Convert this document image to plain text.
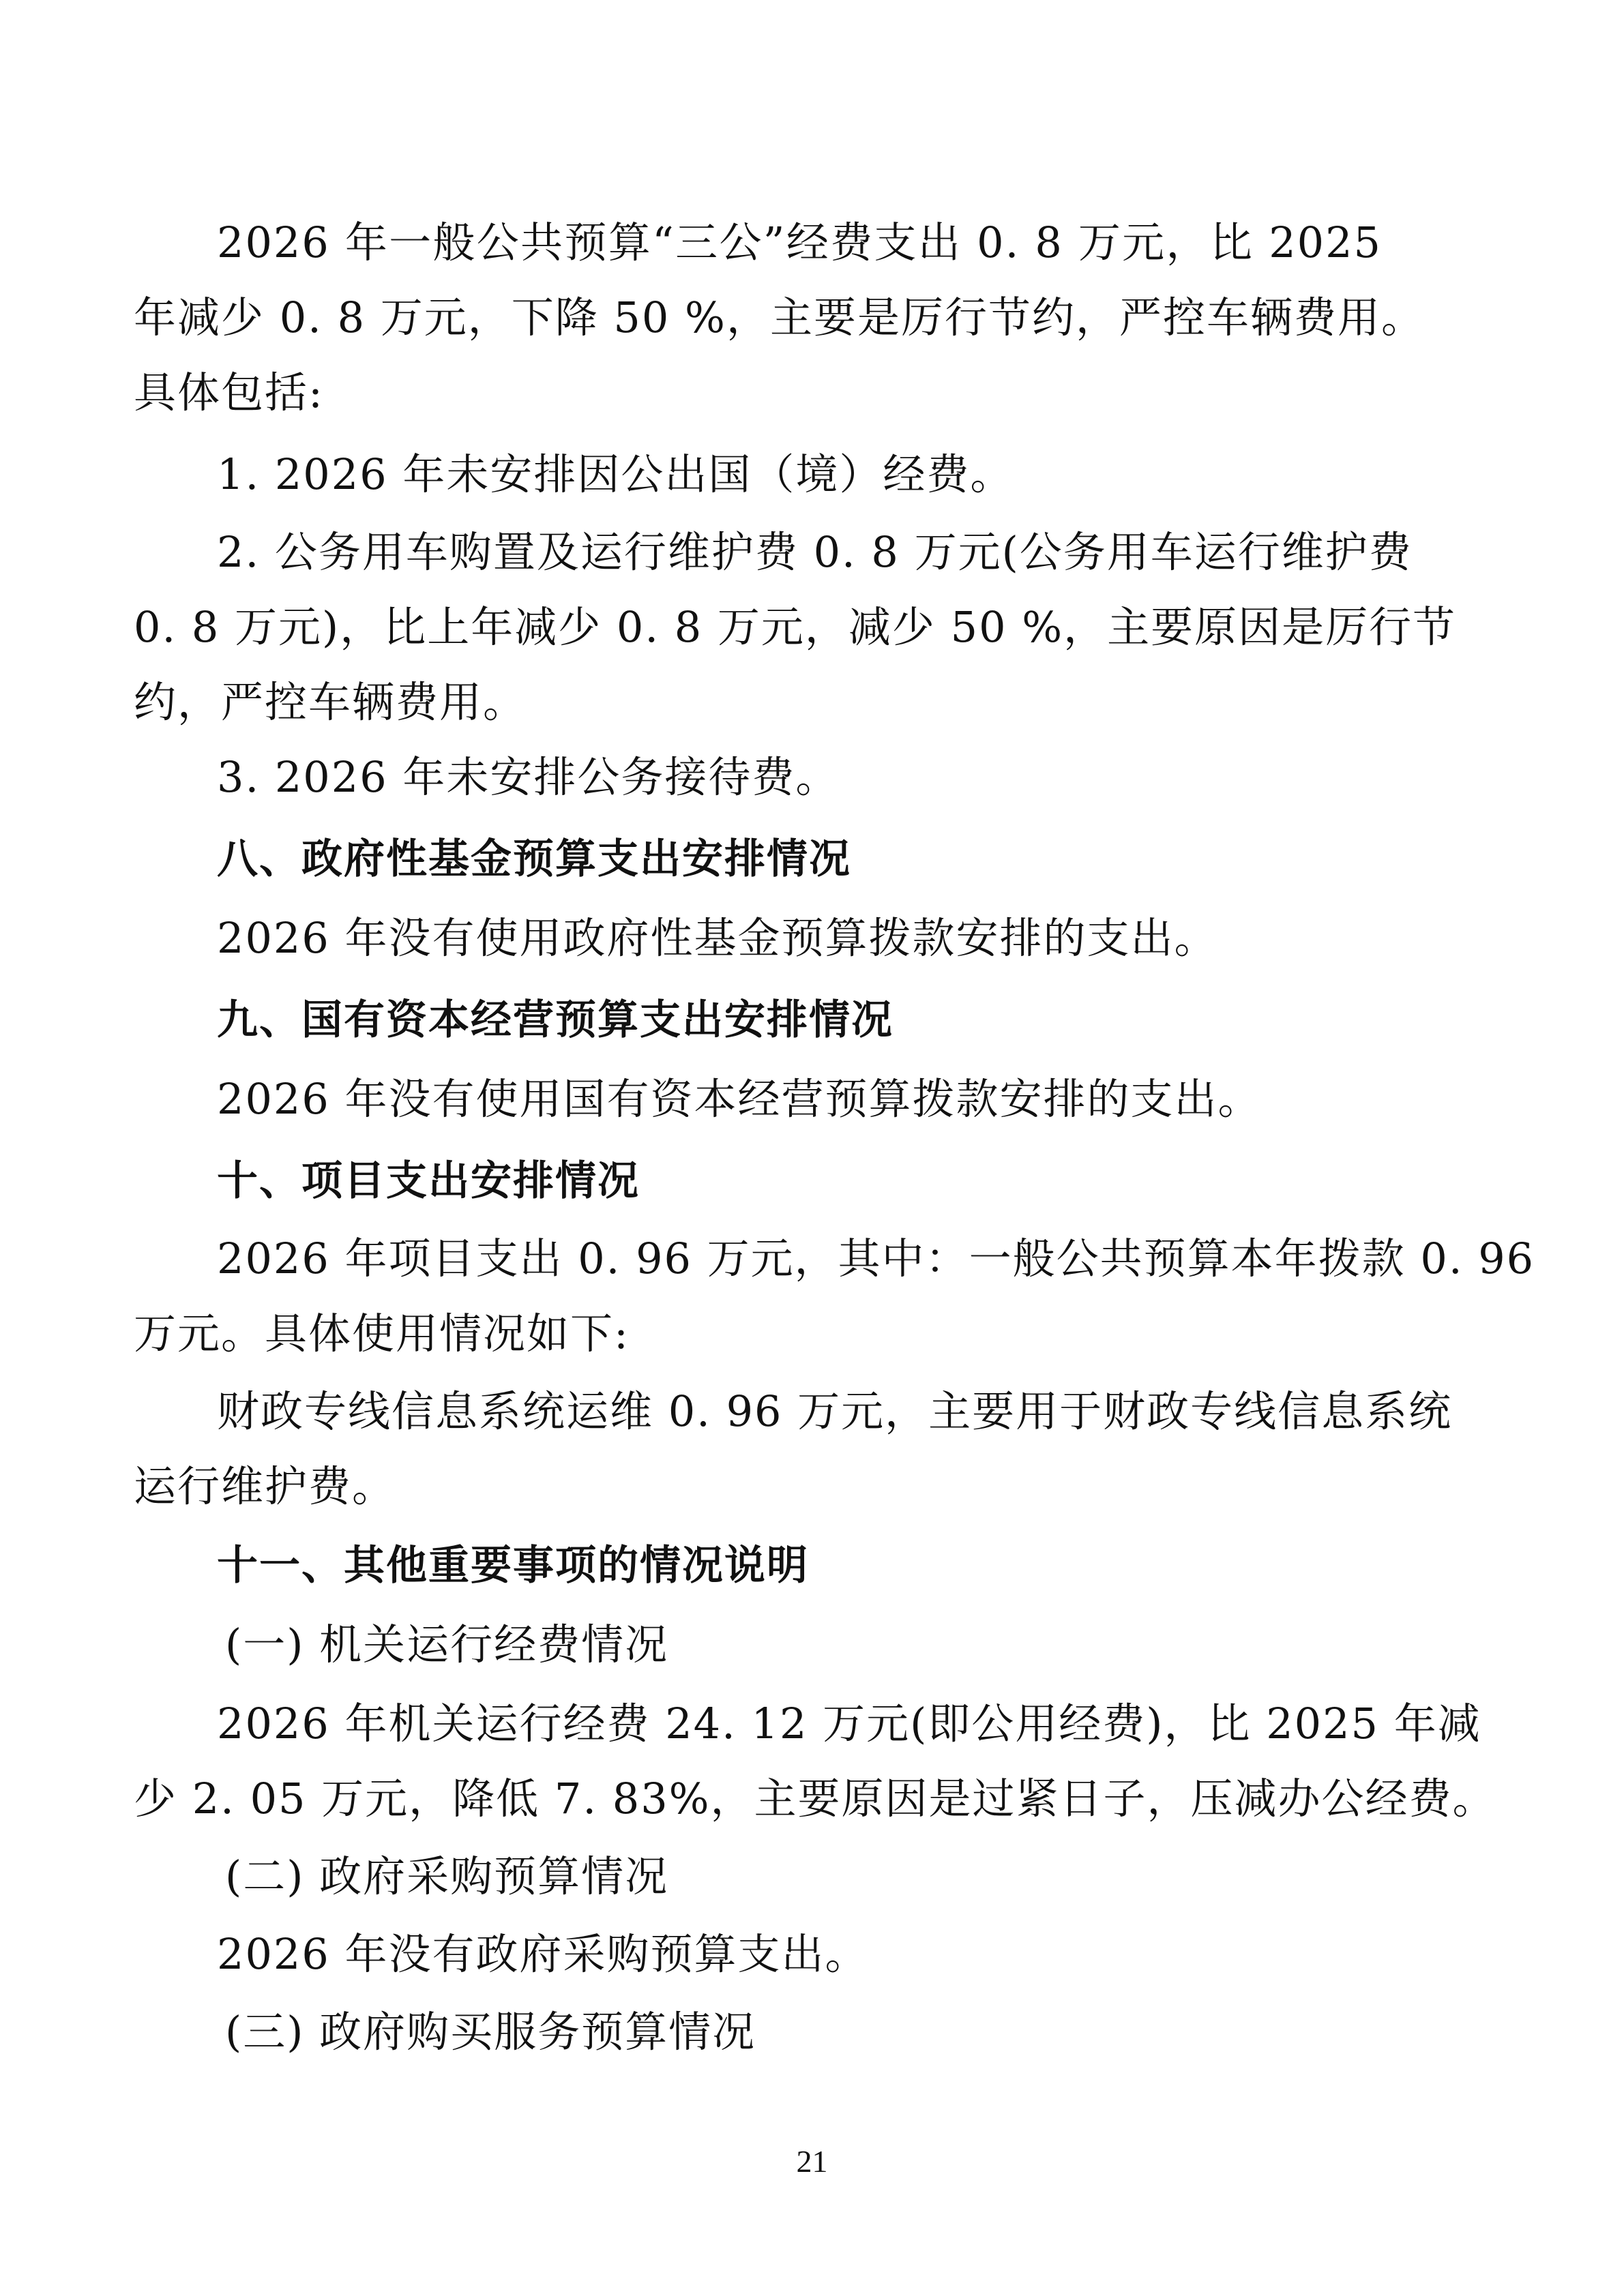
2026 年一般公共预算“三公”经费支出 0. 8 万元，比 2025
年减少 0. 8 万元，下降 50 %，主要是厉行节约，严控车辆费用。
具体包括:
1. 2026 年未安排因公出国（境）经费。
2. 公务用车购置及运行维护费 0. 8 万元(公务用车运行维护费
0. 8 万元)，比上年减少 0. 8 万元，减少 50 %，主要原因是厉行节
约，严控车辆费用。
3. 2026 年未安排公务接待费。
八、政府性基金预算支出安排情况
2026 年没有使用政府性基金预算拨款安排的支出。
九、国有资本经营预算支出安排情况
2026 年没有使用国有资本经营预算拨款安排的支出。
十、项目支出安排情况
2026 年项目支出 0. 96 万元，其中：一般公共预算本年拨款 0. 96
万元。具体使用情况如下:
财政专线信息系统运维 0. 96 万元，主要用于财政专线信息系统
运行维护费。
十一、其他重要事项的情况说明
(一) 机关运行经费情况
2026 年机关运行经费 24. 12 万元(即公用经费)，比 2025 年减
少 2. 05 万元，降低 7. 83%，主要原因是过紧日子，压减办公经费。
(二) 政府采购预算情况
2026 年没有政府采购预算支出。
(三) 政府购买服务预算情况
21
